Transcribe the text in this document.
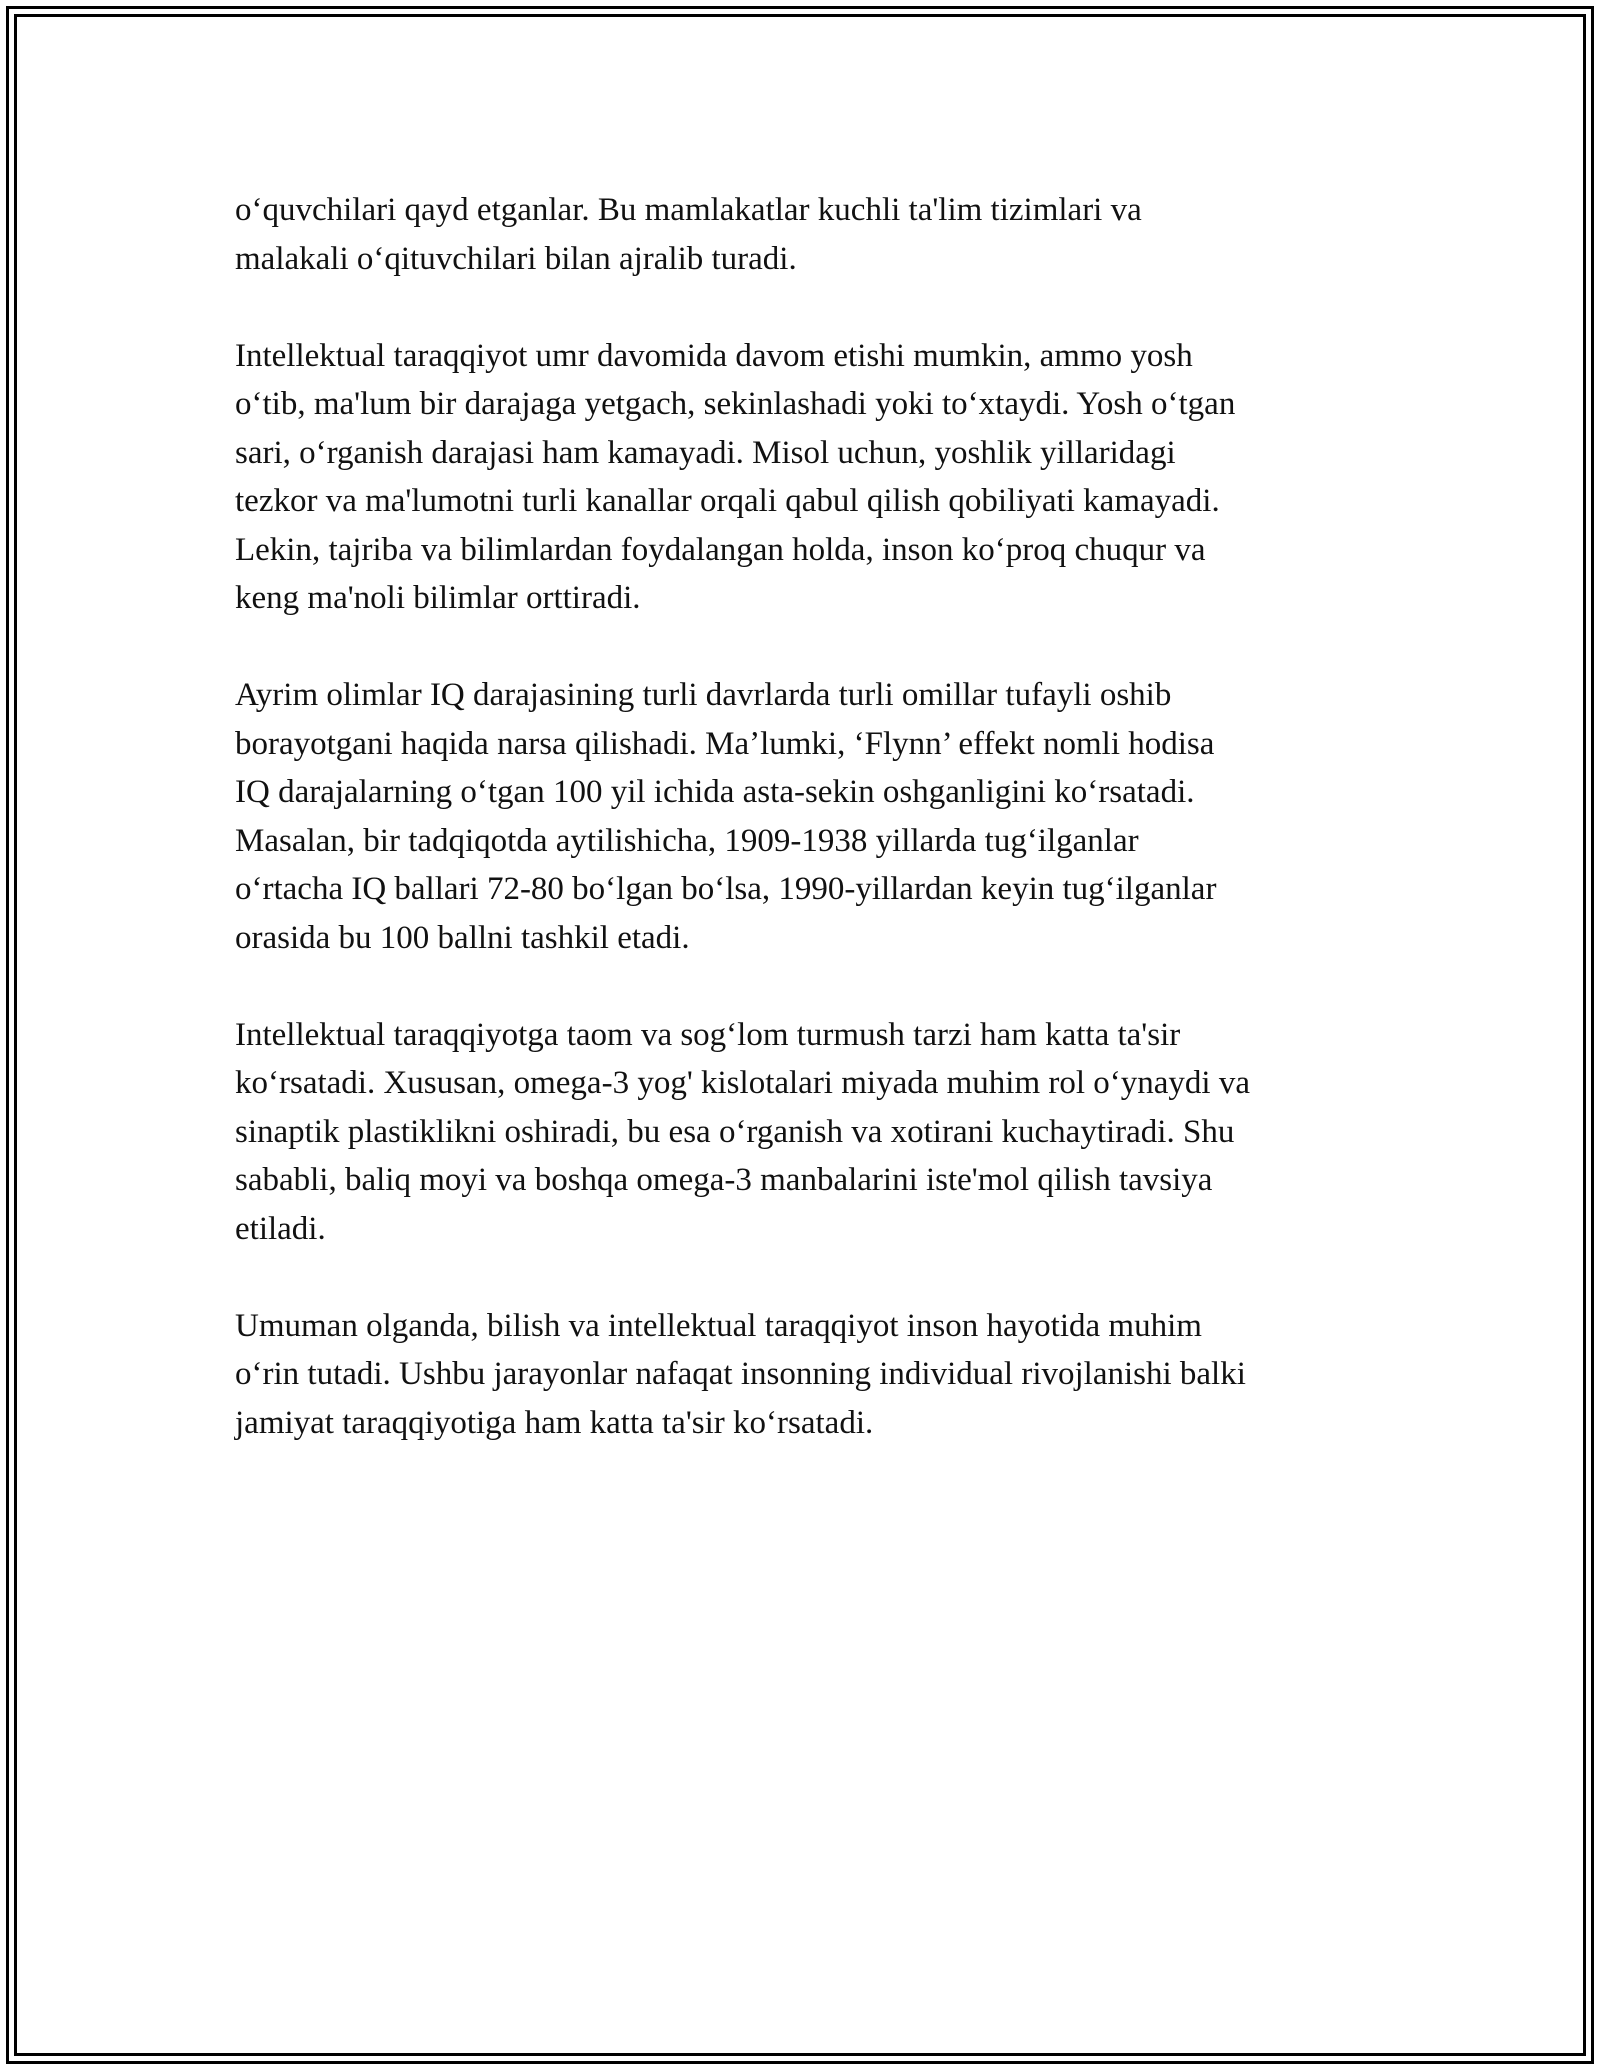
oʻquvchilari qayd etganlar. Bu mamlakatlar kuchli ta'lim tizimlari va
malakali oʻqituvchilari bilan ajralib turadi.

Intellektual taraqqiyot umr davomida davom etishi mumkin, ammo yosh
oʻtib, ma'lum bir darajaga yetgach, sekinlashadi yoki toʻxtaydi. Yosh oʻtgan
sari, oʻrganish darajasi ham kamayadi. Misol uchun, yoshlik yillaridagi
tezkor va ma'lumotni turli kanallar orqali qabul qilish qobiliyati kamayadi.
Lekin, tajriba va bilimlardan foydalangan holda, inson koʻproq chuqur va
keng ma'noli bilimlar orttiradi.

Ayrim olimlar IQ darajasining turli davrlarda turli omillar tufayli oshib
borayotgani haqida narsa qilishadi. Maʼlumki, ‘Flynn’ effekt nomli hodisa
IQ darajalarning oʻtgan 100 yil ichida asta-sekin oshganligini koʻrsatadi.
Masalan, bir tadqiqotda aytilishicha, 1909-1938 yillarda tugʻilganlar
oʻrtacha IQ ballari 72-80 boʻlgan boʻlsa, 1990-yillardan keyin tugʻilganlar
orasida bu 100 ballni tashkil etadi.

Intellektual taraqqiyotga taom va sogʻlom turmush tarzi ham katta ta'sir
koʻrsatadi. Xususan, omega-3 yog' kislotalari miyada muhim rol oʻynaydi va
sinaptik plastiklikni oshiradi, bu esa oʻrganish va xotirani kuchaytiradi. Shu
sababli, baliq moyi va boshqa omega-3 manbalarini iste'mol qilish tavsiya
etiladi.

Umuman olganda, bilish va intellektual taraqqiyot inson hayotida muhim
oʻrin tutadi. Ushbu jarayonlar nafaqat insonning individual rivojlanishi balki
jamiyat taraqqiyotiga ham katta ta'sir koʻrsatadi.
